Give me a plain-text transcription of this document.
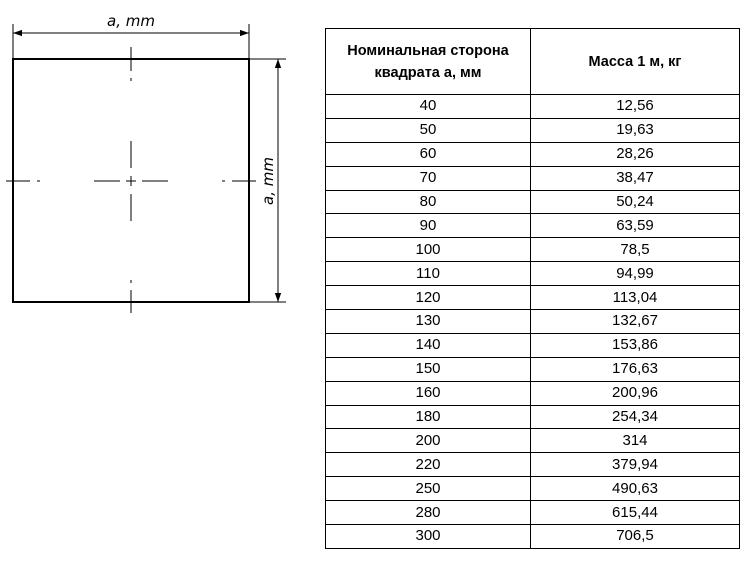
a, mm
a, mm
Номинальная сторона квадрата а, мм	Масса 1 м, кг
40	12,56
50	19,63
60	28,26
70	38,47
80	50,24
90	63,59
100	78,5
110	94,99
120	113,04
130	132,67
140	153,86
150	176,63
160	200,96
180	254,34
200	314
220	379,94
250	490,63
280	615,44
300	706,5
